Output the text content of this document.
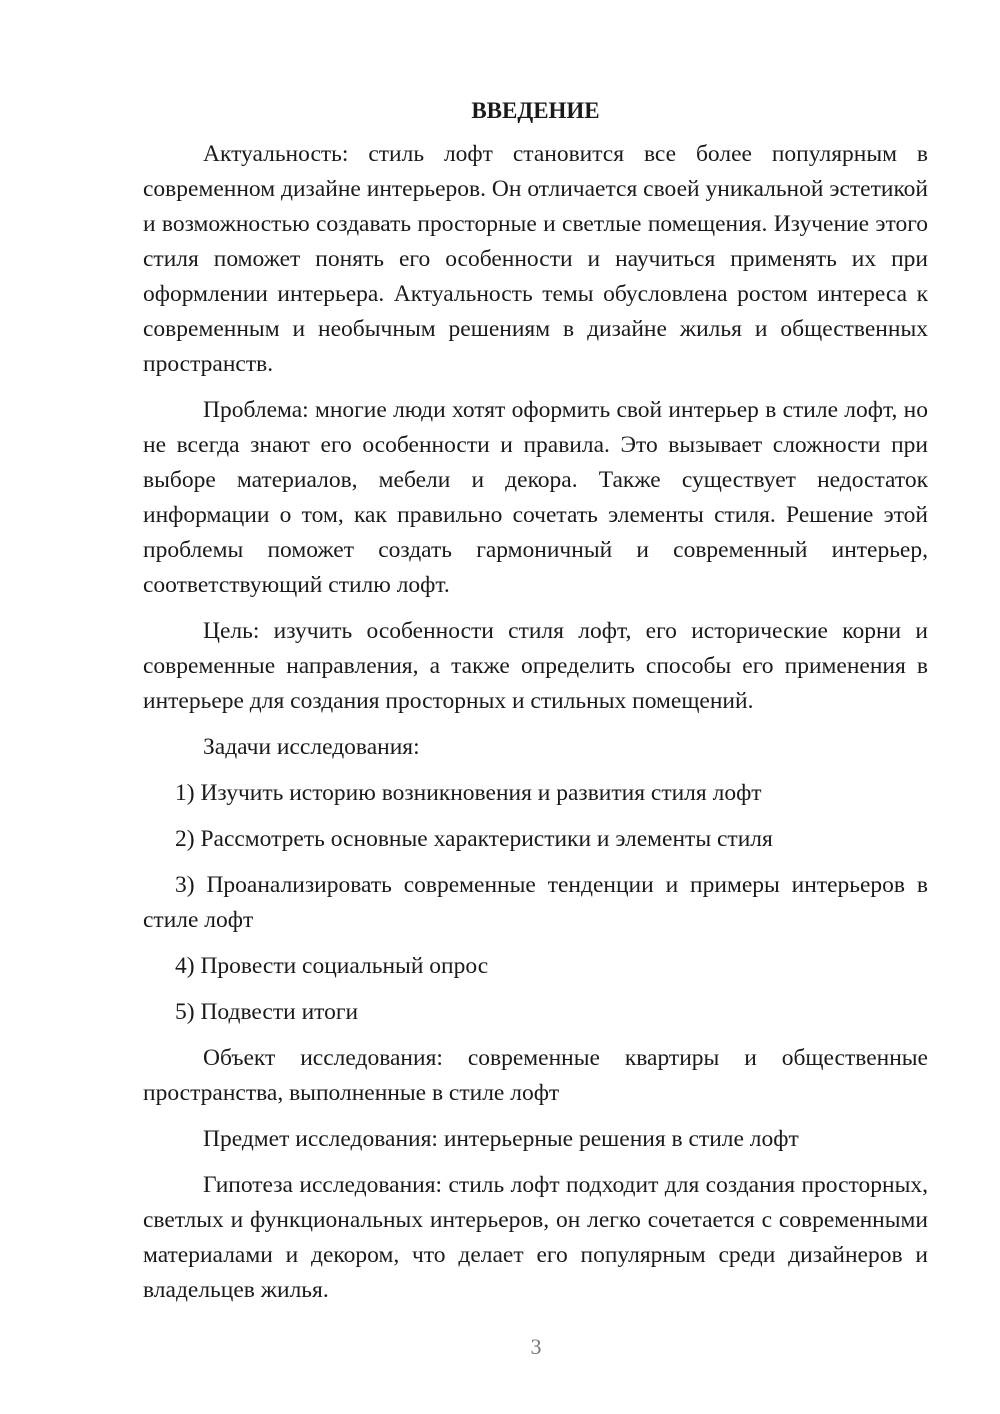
ВВЕДЕНИЕ

Актуальность: стиль лофт становится все более популярным в современном дизайне интерьеров. Он отличается своей уникальной эстетикой и возможностью создавать просторные и светлые помещения. Изучение этого стиля поможет понять его особенности и научиться применять их при оформлении интерьера. Актуальность темы обусловлена ростом интереса к современным и необычным решениям в дизайне жилья и общественных пространств.

Проблема: многие люди хотят оформить свой интерьер в стиле лофт, но не всегда знают его особенности и правила. Это вызывает сложности при выборе материалов, мебели и декора. Также существует недостаток информации о том, как правильно сочетать элементы стиля. Решение этой проблемы поможет создать гармоничный и современный интерьер, соответствующий стилю лофт.

Цель: изучить особенности стиля лофт, его исторические корни и современные направления, а также определить способы его применения в интерьере для создания просторных и стильных помещений.

Задачи исследования:

1) Изучить историю возникновения и развития стиля лофт

2) Рассмотреть основные характеристики и элементы стиля

3) Проанализировать современные тенденции и примеры интерьеров в стиле лофт

4) Провести социальный опрос

5) Подвести итоги

Объект исследования: современные квартиры и общественные пространства, выполненные в стиле лофт

Предмет исследования: интерьерные решения в стиле лофт

Гипотеза исследования: стиль лофт подходит для создания просторных, светлых и функциональных интерьеров, он легко сочетается с современными материалами и декором, что делает его популярным среди дизайнеров и владельцев жилья.

3
